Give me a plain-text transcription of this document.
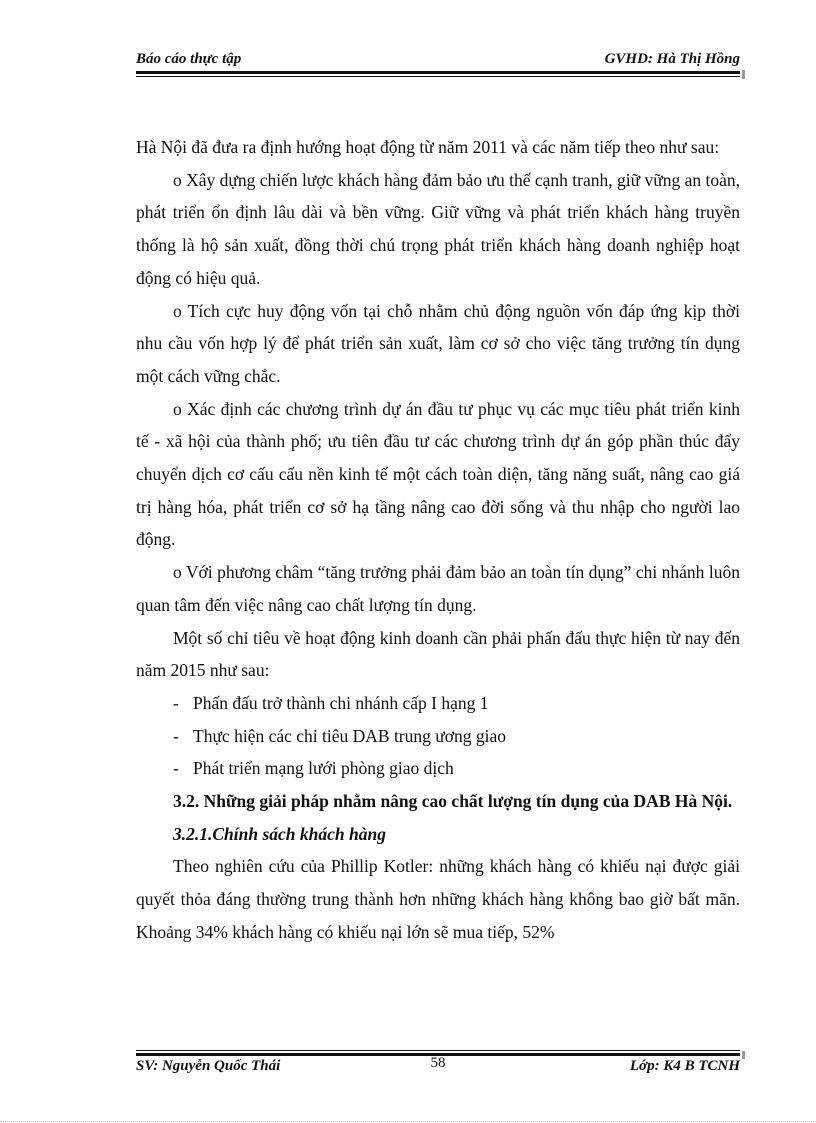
Báo cáo thực tập	GVHD: Hà Thị Hồng

Hà Nội đã đưa ra định hướng hoạt động từ năm 2011 và các năm tiếp theo như sau:

o Xây dựng chiến lược khách hàng đảm bảo ưu thế cạnh tranh, giữ vững an toàn, phát triển ổn định lâu dài và bền vững. Giữ vững và phát triển khách hàng truyền thống là hộ sản xuất, đồng thời chú trọng phát triển khách hàng doanh nghiệp hoạt động có hiệu quả.

o Tích cực huy động vốn tại chỗ nhằm chủ động nguồn vốn đáp ứng kịp thời nhu cầu vốn hợp lý để phát triển sản xuất, làm cơ sở cho việc tăng trưởng tín dụng một cách vững chắc.

o Xác định các chương trình dự án đầu tư phục vụ các mục tiêu phát triển kinh tế - xã hội của thành phố; ưu tiên đầu tư các chương trình dự án góp phần thúc đẩy chuyển dịch cơ cấu cấu nền kinh tế một cách toàn diện, tăng năng suất, nâng cao giá trị hàng hóa, phát triển cơ sở hạ tầng nâng cao đời sống và thu nhập cho người lao động.

o Với phương châm “tăng trưởng phải đảm bảo an toàn tín dụng” chi nhánh luôn quan tâm đến việc nâng cao chất lượng tín dụng.

Một số chỉ tiêu về hoạt động kinh doanh cần phải phấn đấu thực hiện từ nay đến năm 2015 như sau:

- Phấn đấu trở thành chi nhánh cấp I hạng 1

- Thực hiện các chỉ tiêu DAB trung ương giao

- Phát triển mạng lưới phòng giao dịch

3.2. Những giải pháp nhằm nâng cao chất lượng tín dụng của DAB Hà Nội.

3.2.1.Chính sách khách hàng

Theo nghiên cứu của Phillip Kotler: những khách hàng có khiếu nại được giải quyết thỏa đáng thường trung thành hơn những khách hàng không bao giờ bất mãn. Khoảng 34% khách hàng có khiếu nại lớn sẽ mua tiếp, 52%

SV: Nguyễn Quốc Thái	58	Lớp: K4 B TCNH
